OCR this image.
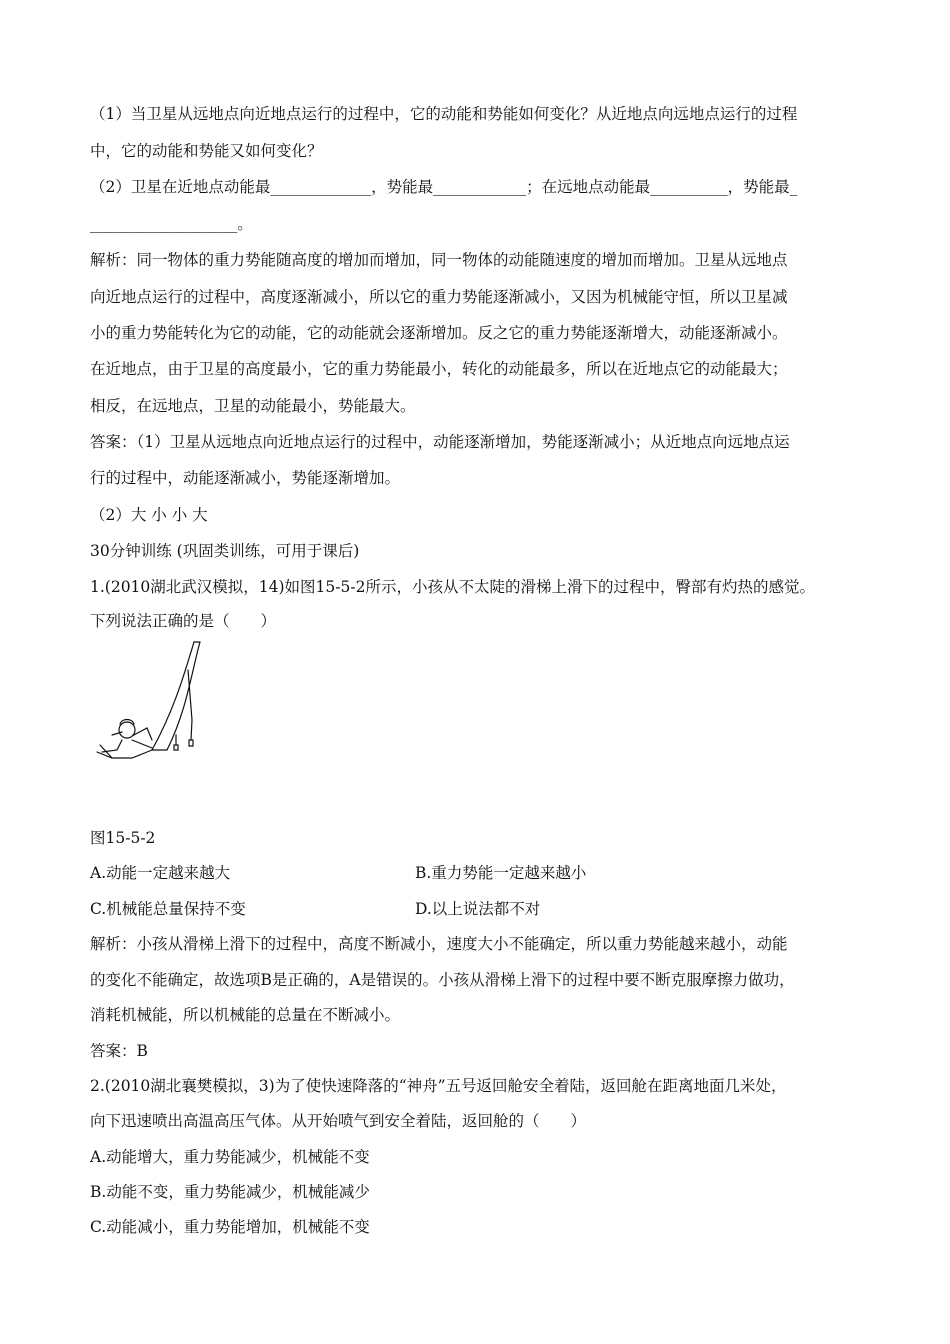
（1）当卫星从远地点向近地点运行的过程中，它的动能和势能如何变化？从近地点向远地点运行的过程
中，它的动能和势能又如何变化？
（2）卫星在近地点动能最_____________，势能最____________；在远地点动能最__________，势能最_
___________________。
解析：同一物体的重力势能随高度的增加而增加，同一物体的动能随速度的增加而增加。卫星从远地点
向近地点运行的过程中，高度逐渐减小，所以它的重力势能逐渐减小，又因为机械能守恒，所以卫星减
小的重力势能转化为它的动能，它的动能就会逐渐增加。反之它的重力势能逐渐增大，动能逐渐减小。
在近地点，由于卫星的高度最小，它的重力势能最小，转化的动能最多，所以在近地点它的动能最大；
相反，在远地点，卫星的动能最小，势能最大。
答案：（1）卫星从远地点向近地点运行的过程中，动能逐渐增加，势能逐渐减小；从近地点向远地点运
行的过程中，动能逐渐减小，势能逐渐增加。
（2）大 小 小 大
30分钟训练 (巩固类训练，可用于课后)
1.(2010湖北武汉模拟，14)如图15-5-2所示，小孩从不太陡的滑梯上滑下的过程中，臀部有灼热的感觉。
下列说法正确的是（　　）
图15-5-2
A.动能一定越来越大	B.重力势能一定越来越小
C.机械能总量保持不变	D.以上说法都不对
解析：小孩从滑梯上滑下的过程中，高度不断减小，速度大小不能确定，所以重力势能越来越小，动能
的变化不能确定，故选项B是正确的，A是错误的。小孩从滑梯上滑下的过程中要不断克服摩擦力做功，
消耗机械能，所以机械能的总量在不断减小。
答案：B
2.(2010湖北襄樊模拟，3)为了使快速降落的“神舟”五号返回舱安全着陆，返回舱在距离地面几米处，
向下迅速喷出高温高压气体。从开始喷气到安全着陆，返回舱的（　　）
A.动能增大，重力势能减少，机械能不变
B.动能不变，重力势能减少，机械能减少
C.动能减小，重力势能增加，机械能不变
